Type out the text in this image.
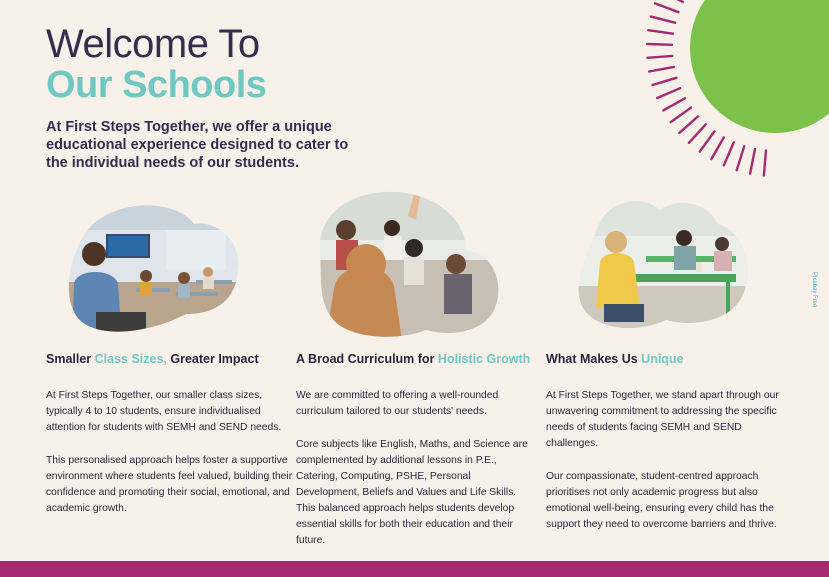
Welcome To
Our Schools

At First Steps Together, we offer a unique educational experience designed to cater to the individual needs of our students.

Smaller Class Sizes, Greater Impact

At First Steps Together, our smaller class sizes, typically 4 to 10 students, ensure individualised attention for students with SEMH and SEND needs.

This personalised approach helps foster a supportive environment where students feel valued, building their confidence and promoting their social, emotional, and academic growth.

A Broad Curriculum for Holistic Growth

We are committed to offering a well-rounded curriculum tailored to our students' needs.

Core subjects like English, Maths, and Science are complemented by additional lessons in P.E., Catering, Computing, PSHE, Personal Development, Beliefs and Values and Life Skills. This balanced approach helps students develop essential skills for both their education and their future.

What Makes Us Unique

At First Steps Together, we stand apart through our unwavering commitment to addressing the specific needs of students facing SEMH and SEND challenges.

Our compassionate, student-centred approach prioritises not only academic progress but also emotional well-being, ensuring every child has the support they need to overcome barriers and thrive.

Pixabay Free
